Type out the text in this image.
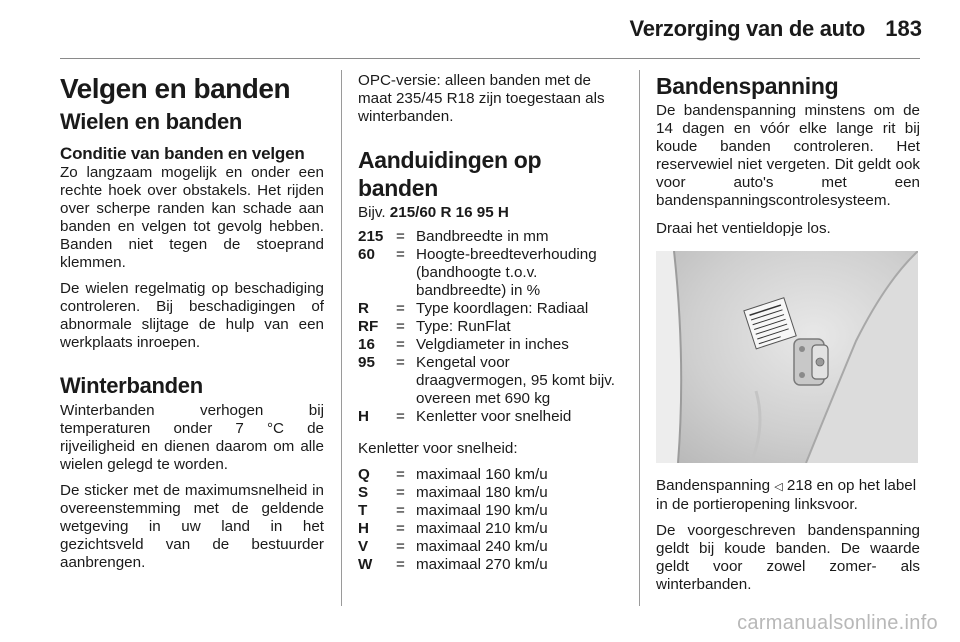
Verzorging van de auto 183
Velgen en banden
Wielen en banden
Conditie van banden en velgen

Zo langzaam mogelijk en onder een rechte hoek over obstakels. Het rijden over scherpe randen kan schade aan banden en velgen tot gevolg hebben. Banden niet tegen de stoeprand klemmen.

De wielen regelmatig op beschadiging controleren. Bij beschadigingen of abnormale slijtage de hulp van een werkplaats inroepen.

Winterbanden

Winterbanden verhogen bij temperaturen onder 7 °C de rijveiligheid en dienen daarom om alle wielen gelegd te worden.

De sticker met de maximumsnelheid in overeenstemming met de geldende wetgeving in uw land in het gezichtsveld van de bestuurder aanbrengen.

OPC-versie: alleen banden met de maat 235/45 R18 zijn toegestaan als winterbanden.

Aanduidingen op banden

Bijv. 215/60 R 16 95 H

215 = Bandbreedte in mm
60	= Hoogte-breedteverhouding (bandhoogte t.o.v. bandbreedte) in %
R	= Type koordlagen: Radiaal
RF	= Type: RunFlat
16	= Velgdiameter in inches
95	= Kengetal voor draagvermogen, 95 komt bijv. overeen met 690 kg
H	= Kenletter voor snelheid

Kenletter voor snelheid:

Q	= maximaal 160 km/u
S	= maximaal 180 km/u
T	= maximaal 190 km/u
H	= maximaal 210 km/u
V	= maximaal 240 km/u
W	= maximaal 270 km/u
Bandenspanning

De bandenspanning minstens om de 14 dagen en vóór elke lange rit bij koude banden controleren. Het reservewiel niet vergeten. Dit geldt ook voor auto's met een bandenspanningscontrolesysteem.

Draai het ventieldopje los.

Bandenspanning ◁ 218 en op het label in de portieropening linksvoor.

De voorgeschreven bandenspanning geldt bij koude banden. De waarde geldt voor zowel zomer- als winterbanden.

carmanualsonline.info
